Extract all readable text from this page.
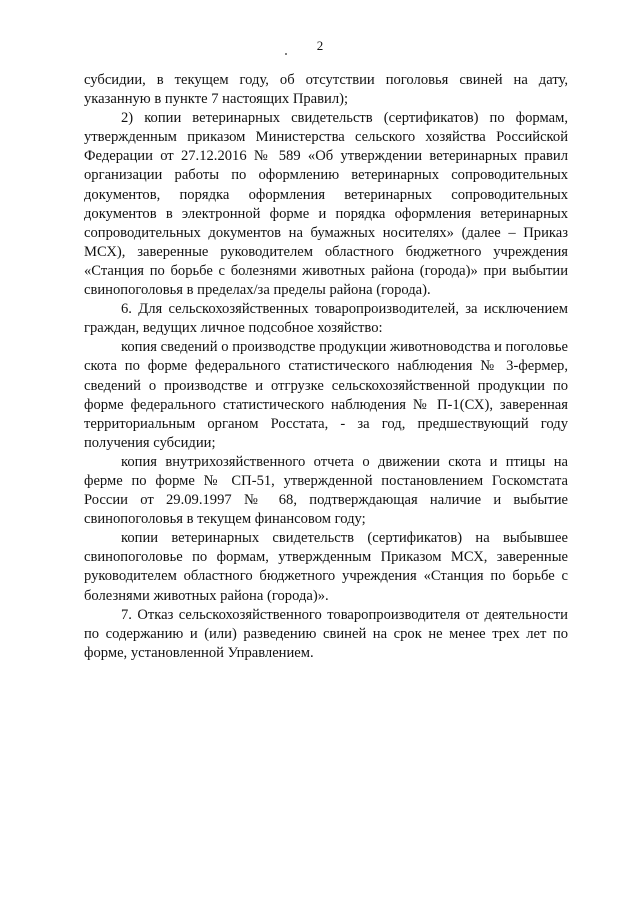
2

субсидии, в текущем году, об отсутствии поголовья свиней на дату, указанную в пункте 7 настоящих Правил);

2) копии ветеринарных свидетельств (сертификатов) по формам, утвержденным приказом Министерства сельского хозяйства Российской Федерации от 27.12.2016 № 589 «Об утверждении ветеринарных правил организации работы по оформлению ветеринарных сопроводительных документов, порядка оформления ветеринарных сопроводительных документов в электронной форме и порядка оформления ветеринарных сопроводительных документов на бумажных носителях» (далее – Приказ МСХ), заверенные руководителем областного бюджетного учреждения «Станция по борьбе с болезнями животных района (города)» при выбытии свинопоголовья в пределах/за пределы района (города).

6. Для сельскохозяйственных товаропроизводителей, за исключением граждан, ведущих личное подсобное хозяйство:

копия сведений о производстве продукции животноводства и поголовье скота по форме федерального статистического наблюдения № 3-фермер, сведений о производстве и отгрузке сельскохозяйственной продукции по форме федерального статистического наблюдения № П-1(СХ), заверенная территориальным органом Росстата, - за год, предшествующий году получения субсидии;

копия внутрихозяйственного отчета о движении скота и птицы на ферме по форме № СП-51, утвержденной постановлением Госкомстата России от 29.09.1997 № 68, подтверждающая наличие и выбытие свинопоголовья в текущем финансовом году;

копии ветеринарных свидетельств (сертификатов) на выбывшее свинопоголовье по формам, утвержденным Приказом МСХ, заверенные руководителем областного бюджетного учреждения «Станция по борьбе с болезнями животных района (города)».

7. Отказ сельскохозяйственного товаропроизводителя от деятельности по содержанию и (или) разведению свиней на срок не менее трех лет по форме, установленной Управлением.
